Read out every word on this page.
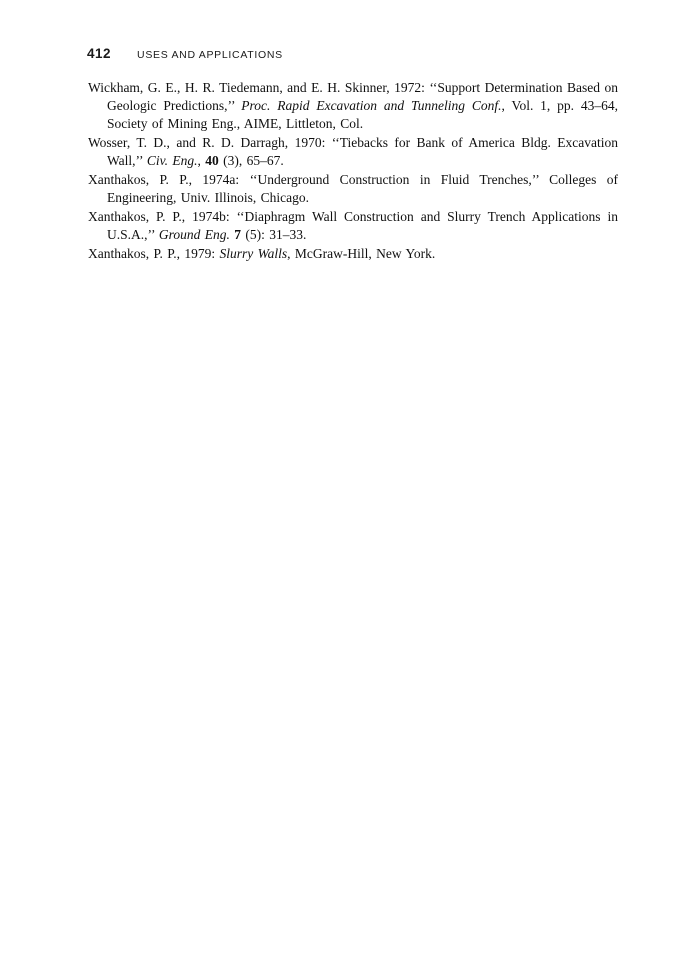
412 USES AND APPLICATIONS

Wickham, G. E., H. R. Tiedemann, and E. H. Skinner, 1972: ‘‘Support Determination Based on Geologic Predictions,’’ Proc. Rapid Excavation and Tunneling Conf., Vol. 1, pp. 43–64, Society of Mining Eng., AIME, Littleton, Col.

Wosser, T. D., and R. D. Darragh, 1970: ‘‘Tiebacks for Bank of America Bldg. Excavation Wall,’’ Civ. Eng., 40 (3), 65–67.

Xanthakos, P. P., 1974a: ‘‘Underground Construction in Fluid Trenches,’’ Colleges of Engineering, Univ. Illinois, Chicago.

Xanthakos, P. P., 1974b: ‘‘Diaphragm Wall Construction and Slurry Trench Applications in U.S.A.,’’ Ground Eng. 7 (5): 31–33.

Xanthakos, P. P., 1979: Slurry Walls, McGraw-Hill, New York.
